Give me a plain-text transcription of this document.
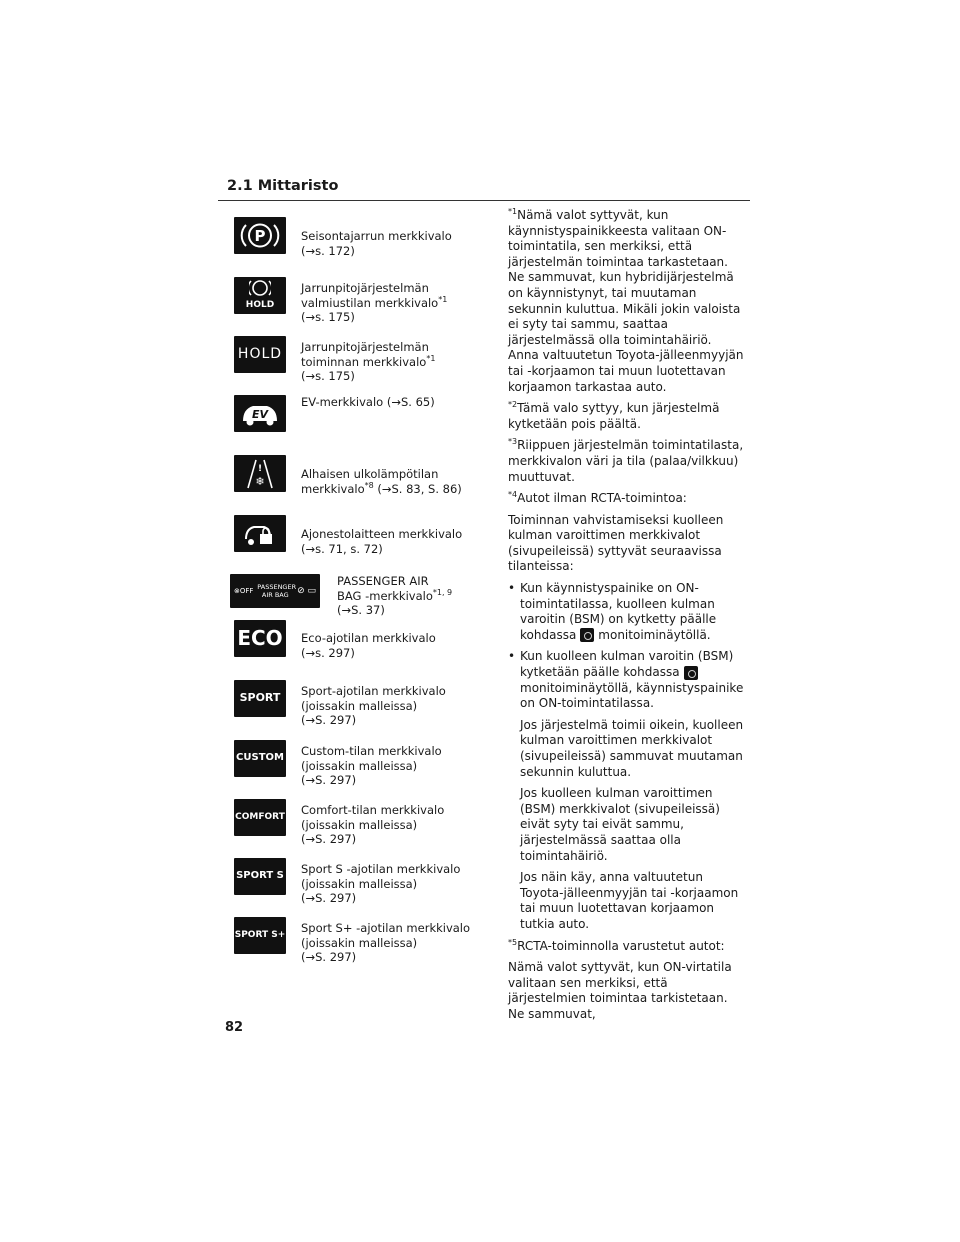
2.1 Mittaristo
P	Seisontajarrun merkkivalo
(→s. 172)
HOLD
Jarrunpitojärjestelmän
valmiustilan merkkivalo$^{*1}$
(→s. 175)
HOLD Jarrunpitojärjestelmän
toiminnan merkkivalo$^{*1}$
(→s. 175)
EV
EV-merkkivalo (→S. 65)
!
❄	Alhaisen ulkolämpötilan
merkkivalo$^{*8}$ (→S. 83, S. 86)
Ajonestolaitteen merkkivalo
(→s. 71, s. 72)
⊗OFF PASSENGER AIR BAG ⊘ ▭
PASSENGER AIR
BAG -merkkivalo$^{*1, 9}$
(→S. 37)
ECO Eco-ajotilan merkkivalo
(→s. 297)
SPORT Sport-ajotilan merkkivalo
(joissakin malleissa)
(→S. 297)
CUSTOM Custom-tilan merkkivalo
(joissakin malleissa)
(→S. 297)
COMFORT
Comfort-tilan merkkivalo
(joissakin malleissa)
(→S. 297)
SPORT S Sport S -ajotilan merkkivalo
(joissakin malleissa)
(→S. 297)
SPORT S+
Sport S+ -ajotilan merkkivalo
(joissakin malleissa)
(→S. 297)

$^{*1}$Nämä valot syttyvät, kun käynnistyspainikkeesta valitaan ON-toimintatila, sen merkiksi, että järjestelmän toimintaa tarkastetaan. Ne sammuvat, kun hybridijärjestelmä on käynnistynyt, tai muutaman sekunnin kuluttua. Mikäli jokin valoista ei syty tai sammu, saattaa järjestelmässä olla toimintahäiriö. Anna valtuutetun Toyota-jälleenmyyjän tai -korjaamon tai muun luotettavan korjaamon tarkastaa auto.

$^{*2}$Tämä valo syttyy, kun järjestelmä kytketään pois päältä.

$^{*3}$Riippuen järjestelmän toimintatilasta, merkkivalon väri ja tila (palaa/vilkkuu) muuttuvat.

$^{*4}$Autot ilman RCTA-toimintoa:

Toiminnan vahvistamiseksi kuolleen kulman varoittimen merkkivalot (sivupeileissä) syttyvät seuraavissa tilanteissa:

• Kun käynnistyspainike on ON-toimintatilassa, kuolleen kulman varoitin (BSM) on kytketty päälle kohdassa monitoiminäytöllä.
• Kun kuolleen kulman varoitin (BSM) kytketään päälle kohdassamonitoiminäytöllä, käynnistyspainike on ON-toimintatilassa.

Jos järjestelmä toimii oikein, kuolleen kulman varoittimen merkkivalot (sivupeileissä) sammuvat muutaman sekunnin kuluttua.

Jos kuolleen kulman varoittimen (BSM) merkkivalot (sivupeileissä) eivät syty tai eivät sammu, järjestelmässä saattaa olla toimintahäiriö.

Jos näin käy, anna valtuutetun Toyota-jälleenmyyjän tai -korjaamon tai muun luotettavan korjaamon tutkia auto.

$^{*5}$RCTA-toiminnolla varustetut autot:

Nämä valot syttyvät, kun ON-virtatila valitaan sen merkiksi, että järjestelmien toimintaa tarkistetaan. Ne sammuvat,

82
